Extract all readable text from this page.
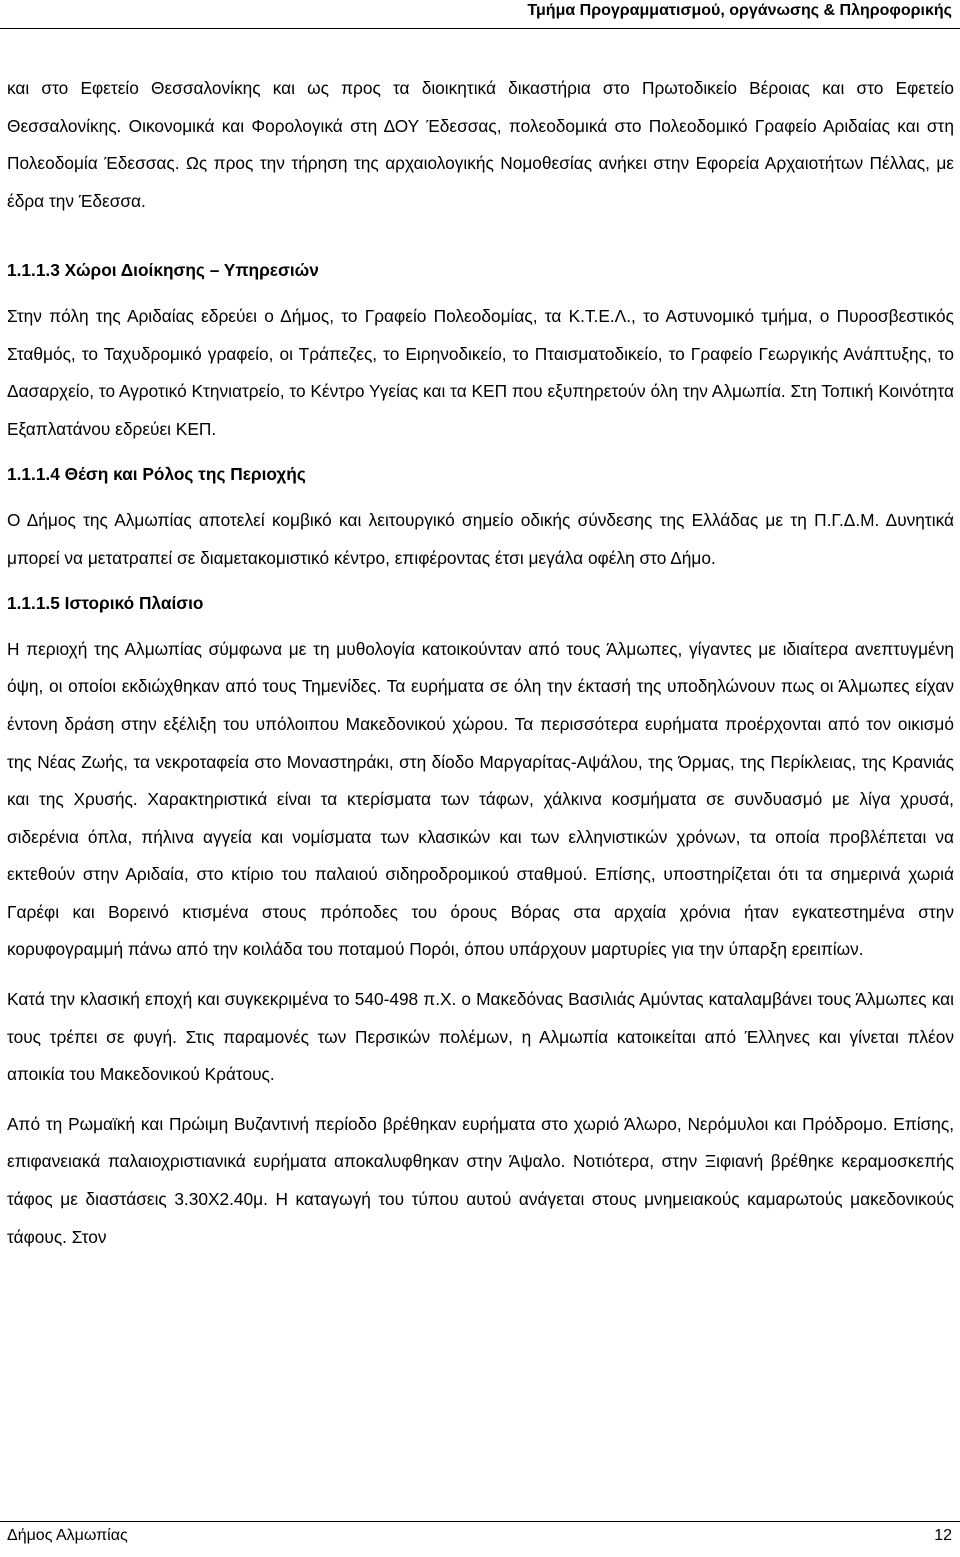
Τμήμα Προγραμματισμού, οργάνωσης & Πληροφορικής

και στο Εφετείο Θεσσαλονίκης και ως προς τα διοικητικά δικαστήρια στο Πρωτοδικείο Βέροιας και στο Εφετείο Θεσσαλονίκης. Οικονομικά και Φορολογικά στη ΔΟΥ Έδεσσας, πολεοδομικά στο Πολεοδομικό Γραφείο Αριδαίας και στη Πολεοδομία Έδεσσας. Ως προς την τήρηση της αρχαιολογικής Νομοθεσίας ανήκει στην Εφορεία Αρχαιοτήτων Πέλλας, με έδρα την Έδεσσα.

1.1.1.3 Χώροι Διοίκησης – Υπηρεσιών

Στην πόλη της Αριδαίας εδρεύει ο Δήμος, το Γραφείο Πολεοδομίας, τα Κ.Τ.Ε.Λ., το Αστυνομικό τμήμα, ο Πυροσβεστικός Σταθμός, το Ταχυδρομικό γραφείο, οι Τράπεζες, το Ειρηνοδικείο, το Πταισματοδικείο, το Γραφείο Γεωργικής Ανάπτυξης, το Δασαρχείο, το Αγροτικό Κτηνιατρείο, το Κέντρο Υγείας και τα ΚΕΠ που εξυπηρετούν όλη την Αλμωπία. Στη Τοπική Κοινότητα Εξαπλατάνου εδρεύει ΚΕΠ.

1.1.1.4 Θέση και Ρόλος της Περιοχής

Ο Δήμος της Αλμωπίας αποτελεί κομβικό και λειτουργικό σημείο οδικής σύνδεσης της Ελλάδας με τη Π.Γ.Δ.Μ. Δυνητικά μπορεί να μετατραπεί σε διαμετακομιστικό κέντρο, επιφέροντας έτσι μεγάλα οφέλη στο Δήμο.

1.1.1.5 Ιστορικό Πλαίσιο

Η περιοχή της Αλμωπίας σύμφωνα με τη μυθολογία κατοικούνταν από τους Άλμωπες, γίγαντες με ιδιαίτερα ανεπτυγμένη όψη, οι οποίοι εκδιώχθηκαν από τους Τημενίδες. Τα ευρήματα σε όλη την έκτασή της υποδηλώνουν πως οι Άλμωπες είχαν έντονη δράση στην εξέλιξη του υπόλοιπου Μακεδονικού χώρου. Τα περισσότερα ευρήματα προέρχονται από τον οικισμό της Νέας Ζωής, τα νεκροταφεία στο Μοναστηράκι, στη δίοδο Μαργαρίτας-Αψάλου, της Όρμας, της Περίκλειας, της Κρανιάς και της Χρυσής. Χαρακτηριστικά είναι τα κτερίσματα των τάφων, χάλκινα κοσμήματα σε συνδυασμό με λίγα χρυσά, σιδερένια όπλα, πήλινα αγγεία και νομίσματα των κλασικών και των ελληνιστικών χρόνων, τα οποία προβλέπεται να εκτεθούν στην Αριδαία, στο κτίριο του παλαιού σιδηροδρομικού σταθμού. Επίσης, υποστηρίζεται ότι τα σημερινά χωριά Γαρέφι και Βορεινό κτισμένα στους πρόποδες του όρους Βόρας στα αρχαία χρόνια ήταν εγκατεστημένα στην κορυφογραμμή πάνω από την κοιλάδα του ποταμού Πορόι, όπου υπάρχουν μαρτυρίες για την ύπαρξη ερειπίων.

Κατά την κλασική εποχή και συγκεκριμένα το 540-498 π.Χ. ο Μακεδόνας Βασιλιάς Αμύντας καταλαμβάνει τους Άλμωπες και τους τρέπει σε φυγή. Στις παραμονές των Περσικών πολέμων, η Αλμωπία κατοικείται από Έλληνες και γίνεται πλέον αποικία του Μακεδονικού Κράτους.

Από τη Ρωμαϊκή και Πρώιμη Βυζαντινή περίοδο βρέθηκαν ευρήματα στο χωριό Άλωρο, Νερόμυλοι και Πρόδρομο. Επίσης, επιφανειακά παλαιοχριστιανικά ευρήματα αποκαλυφθηκαν στην Άψαλο. Νοτιότερα, στην Ξιφιανή βρέθηκε κεραμοσκεπής τάφος με διαστάσεις 3.30Χ2.40μ. Η καταγωγή του τύπου αυτού ανάγεται στους μνημειακούς καμαρωτούς μακεδονικούς τάφους. Στον

Δήμος Αλμωπίας	12
